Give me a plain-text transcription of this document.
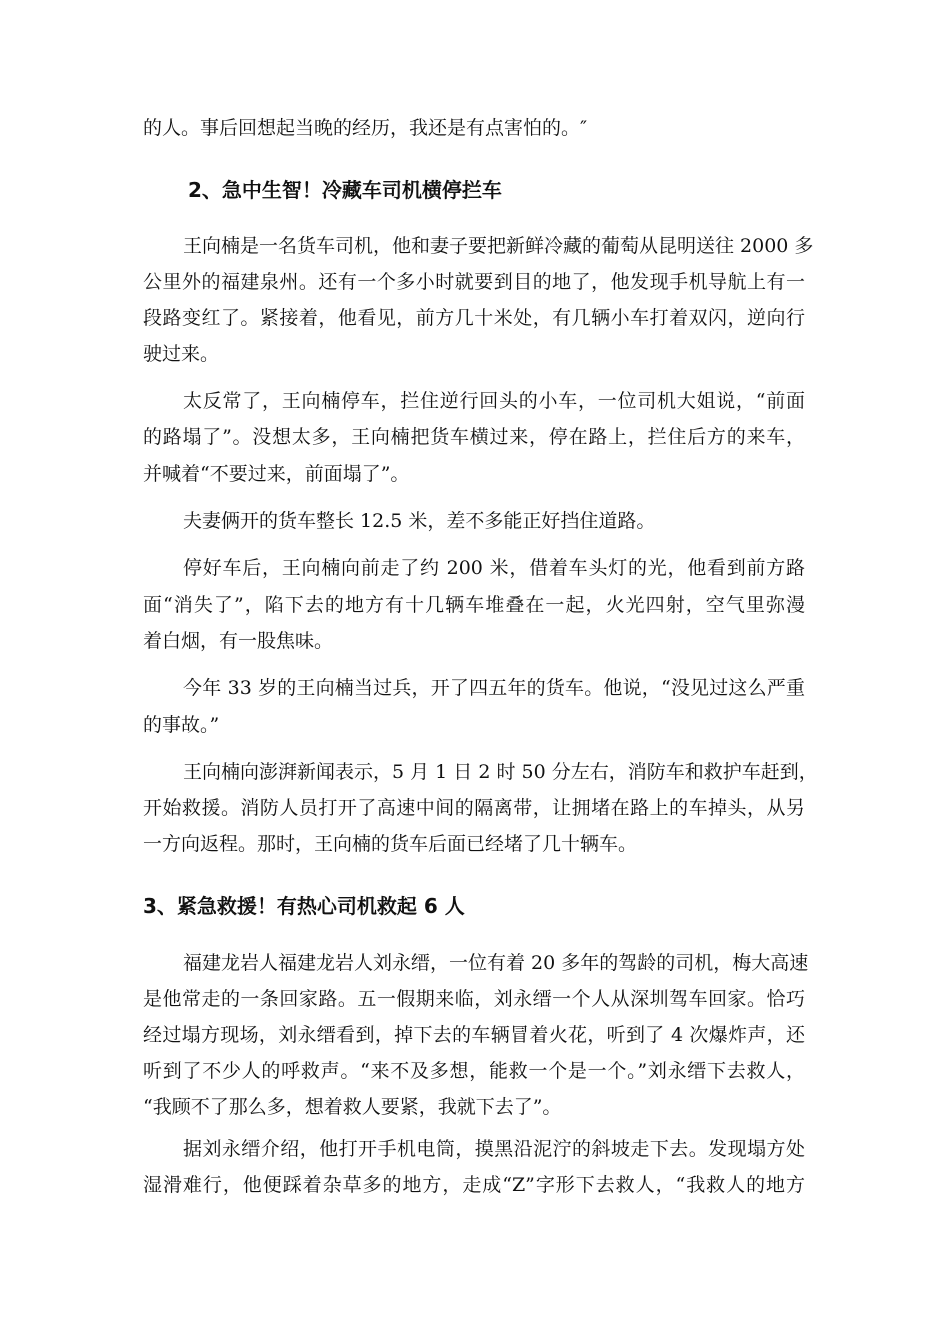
的人。事后回想起当晚的经历，我还是有点害怕的。″
2、急中生智！冷藏车司机横停拦车
王向楠是一名货车司机，他和妻子要把新鲜冷藏的葡萄从昆明送往 2000 多
公里外的福建泉州。还有一个多小时就要到目的地了，他发现手机导航上有一
段路变红了。紧接着，他看见，前方几十米处，有几辆小车打着双闪，逆向行
驶过来。
太反常了，王向楠停车，拦住逆行回头的小车，一位司机大姐说，“前面
的路塌了”。没想太多，王向楠把货车横过来，停在路上，拦住后方的来车，
并喊着“不要过来，前面塌了”。
夫妻俩开的货车整长 12.5 米，差不多能正好挡住道路。
停好车后，王向楠向前走了约 200 米，借着车头灯的光，他看到前方路
面“消失了”，陷下去的地方有十几辆车堆叠在一起，火光四射，空气里弥漫
着白烟，有一股焦味。
今年 33 岁的王向楠当过兵，开了四五年的货车。他说，“没见过这么严重
的事故。”
王向楠向澎湃新闻表示，5 月 1 日 2 时 50 分左右，消防车和救护车赶到，
开始救援。消防人员打开了高速中间的隔离带，让拥堵在路上的车掉头，从另
一方向返程。那时，王向楠的货车后面已经堵了几十辆车。
3、紧急救援！有热心司机救起 6 人
福建龙岩人福建龙岩人刘永缙，一位有着 20 多年的驾龄的司机，梅大高速
是他常走的一条回家路。五一假期来临，刘永缙一个人从深圳驾车回家。恰巧
经过塌方现场，刘永缙看到，掉下去的车辆冒着火花，听到了 4 次爆炸声，还
听到了不少人的呼救声。“来不及多想，能救一个是一个。”刘永缙下去救人，
“我顾不了那么多，想着救人要紧，我就下去了”。
据刘永缙介绍，他打开手机电筒，摸黑沿泥泞的斜坡走下去。发现塌方处
湿滑难行，他便踩着杂草多的地方，走成“Z”字形下去救人，“我救人的地方
